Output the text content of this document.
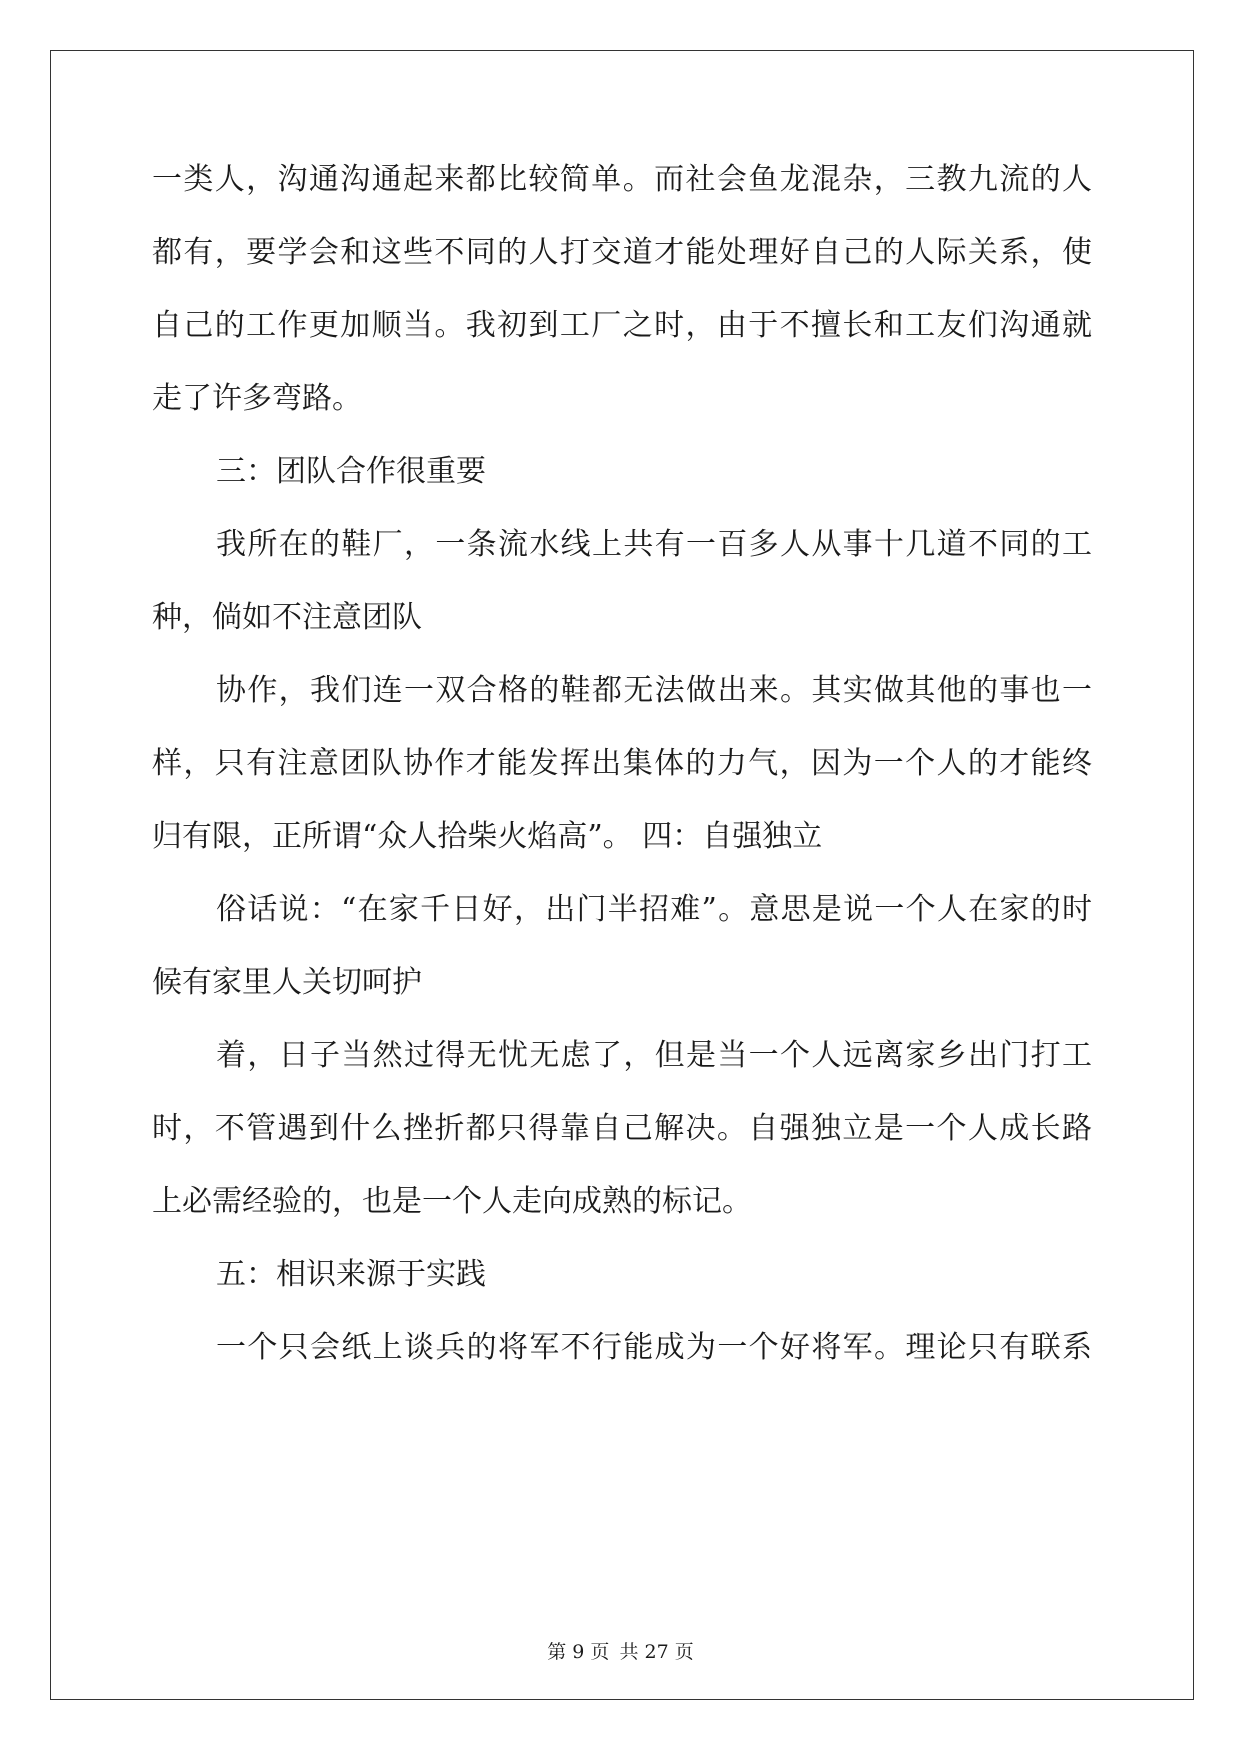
一类人，沟通沟通起来都比较简单。而社会鱼龙混杂，三教九流的人
都有，要学会和这些不同的人打交道才能处理好自己的人际关系，使
自己的工作更加顺当。我初到工厂之时，由于不擅长和工友们沟通就
走了许多弯路。
三：团队合作很重要
我所在的鞋厂，一条流水线上共有一百多人从事十几道不同的工
种，倘如不注意团队
协作，我们连一双合格的鞋都无法做出来。其实做其他的事也一
样，只有注意团队协作才能发挥出集体的力气，因为一个人的才能终
归有限，正所谓“众人拾柴火焰高”。 四：自强独立
俗话说：“在家千日好，出门半招难”。意思是说一个人在家的时
候有家里人关切呵护
着，日子当然过得无忧无虑了，但是当一个人远离家乡出门打工
时，不管遇到什么挫折都只得靠自己解决。自强独立是一个人成长路
上必需经验的，也是一个人走向成熟的标记。
五：相识来源于实践
一个只会纸上谈兵的将军不行能成为一个好将军。理论只有联系
第 9 页 共 27 页
